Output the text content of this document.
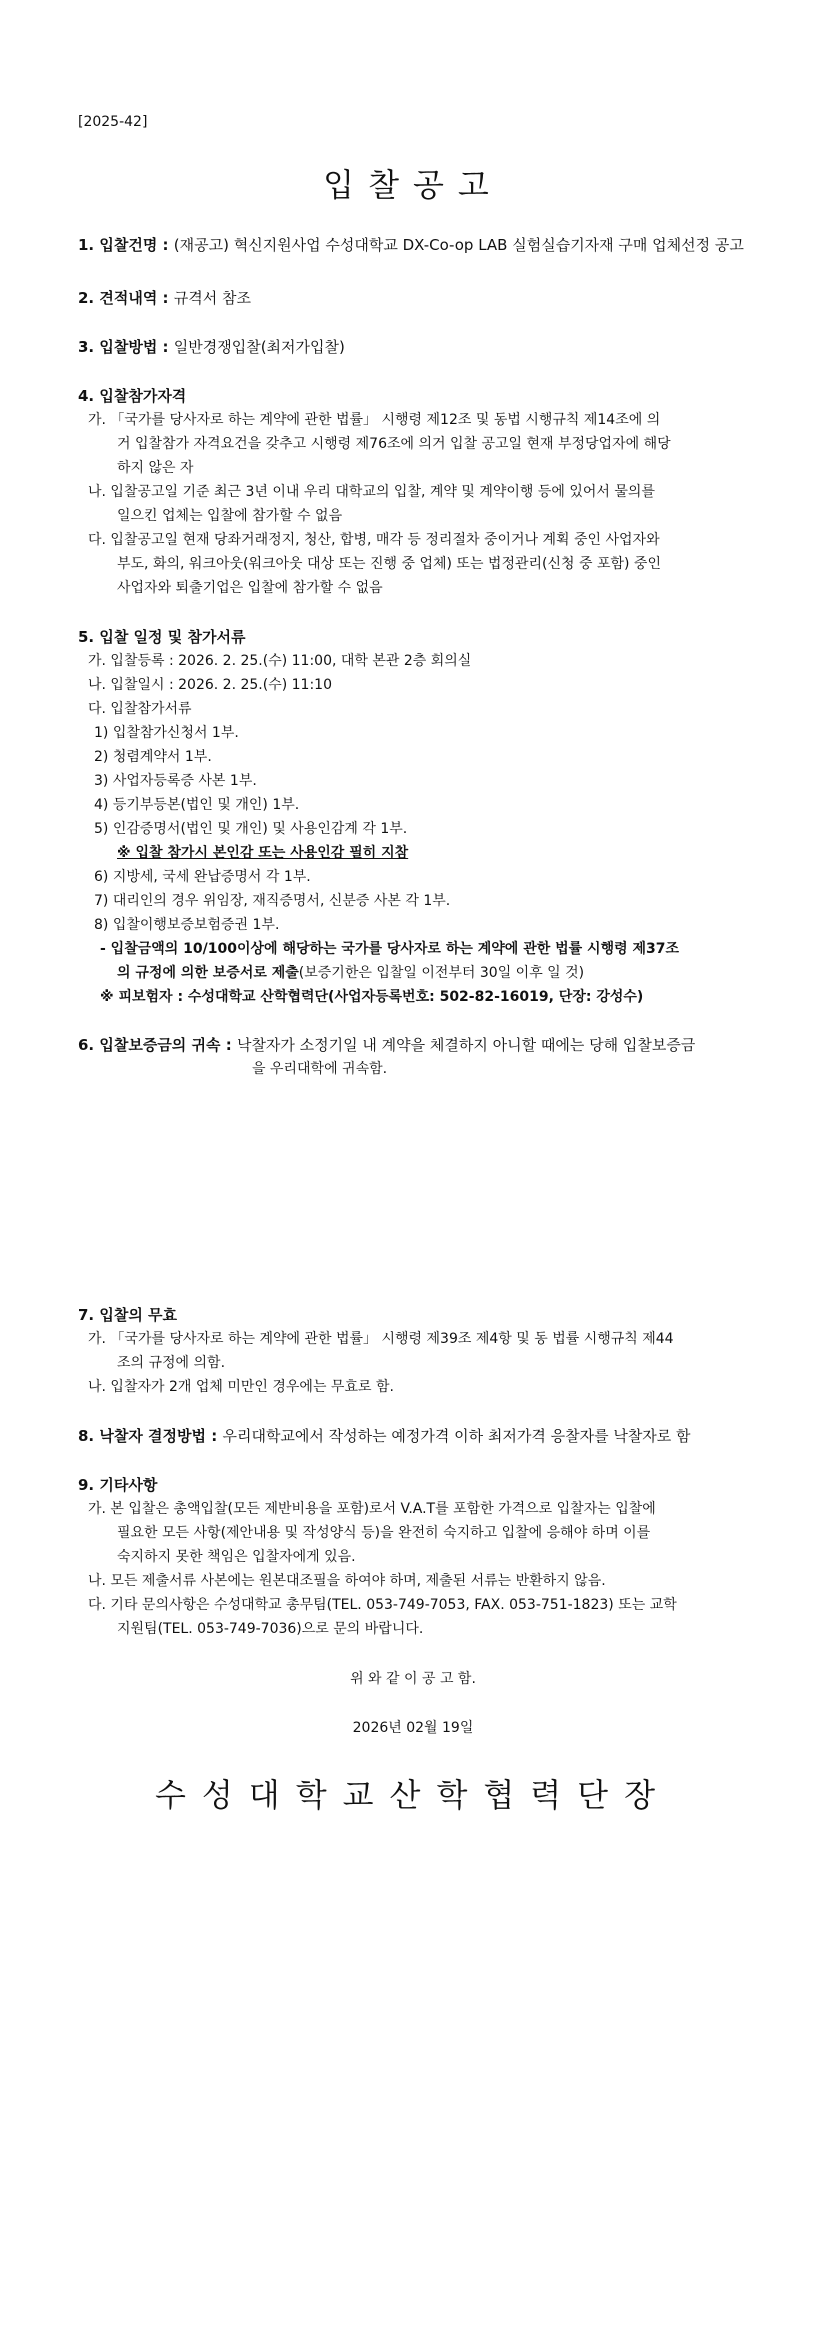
[2025-42]
입찰공고
1. 입찰건명 : (재공고) 혁신지원사업 수성대학교 DX-Co-op LAB 실험실습기자재 구매 업체선정 공고
2. 견적내역 : 규격서 참조
3. 입찰방법 : 일반경쟁입찰(최저가입찰)
4. 입찰참가자격
가. 「국가를 당사자로 하는 계약에 관한 법률」 시행령 제12조 및 동법 시행규칙 제14조에 의
거 입찰참가 자격요건을 갖추고 시행령 제76조에 의거 입찰 공고일 현재 부정당업자에 해당
하지 않은 자
나. 입찰공고일 기준 최근 3년 이내 우리 대학교의 입찰, 계약 및 계약이행 등에 있어서 물의를
일으킨 업체는 입찰에 참가할 수 없음
다. 입찰공고일 현재 당좌거래정지, 청산, 합병, 매각 등 정리절차 중이거나 계획 중인 사업자와
부도, 화의, 워크아웃(워크아웃 대상 또는 진행 중 업체) 또는 법정관리(신청 중 포함) 중인
사업자와 퇴출기업은 입찰에 참가할 수 없음
5. 입찰 일정 및 참가서류
가. 입찰등록 : 2026. 2. 25.(수) 11:00, 대학 본관 2층 회의실
나. 입찰일시 : 2026. 2. 25.(수) 11:10
다. 입찰참가서류
1) 입찰참가신청서 1부.
2) 청렴계약서 1부.
3) 사업자등록증 사본 1부.
4) 등기부등본(법인 및 개인) 1부.
5) 인감증명서(법인 및 개인) 및 사용인감계 각 1부.
※ 입찰 참가시 본인감 또는 사용인감 필히 지참
6) 지방세, 국세 완납증명서 각 1부.
7) 대리인의 경우 위임장, 재직증명서, 신분증 사본 각 1부.
8) 입찰이행보증보험증권 1부.
- 입찰금액의 10/100이상에 해당하는 국가를 당사자로 하는 계약에 관한 법률 시행령 제37조
의 규정에 의한 보증서로 제출(보증기한은 입찰일 이전부터 30일 이후 일 것)
※ 피보험자 : 수성대학교 산학협력단(사업자등록번호: 502-82-16019, 단장: 강성수)
6. 입찰보증금의 귀속 : 낙찰자가 소정기일 내 계약을 체결하지 아니할 때에는 당해 입찰보증금
을 우리대학에 귀속함.
7. 입찰의 무효
가. 「국가를 당사자로 하는 계약에 관한 법률」 시행령 제39조 제4항 및 동 법률 시행규칙 제44
조의 규정에 의함.
나. 입찰자가 2개 업체 미만인 경우에는 무효로 함.
8. 낙찰자 결정방법 : 우리대학교에서 작성하는 예정가격 이하 최저가격 응찰자를 낙찰자로 함
9. 기타사항
가. 본 입찰은 총액입찰(모든 제반비용을 포함)로서 V.A.T를 포함한 가격으로 입찰자는 입찰에
필요한 모든 사항(제안내용 및 작성양식 등)을 완전히 숙지하고 입찰에 응해야 하며 이를
숙지하지 못한 책임은 입찰자에게 있음.
나. 모든 제출서류 사본에는 원본대조필을 하여야 하며, 제출된 서류는 반환하지 않음.
다. 기타 문의사항은 수성대학교 총무팀(TEL. 053-749-7053, FAX. 053-751-1823) 또는 교학
지원팀(TEL. 053-749-7036)으로 문의 바랍니다.
위 와 같 이 공 고 함.
2026년 02월 19일
수성대학교산학협력단장
